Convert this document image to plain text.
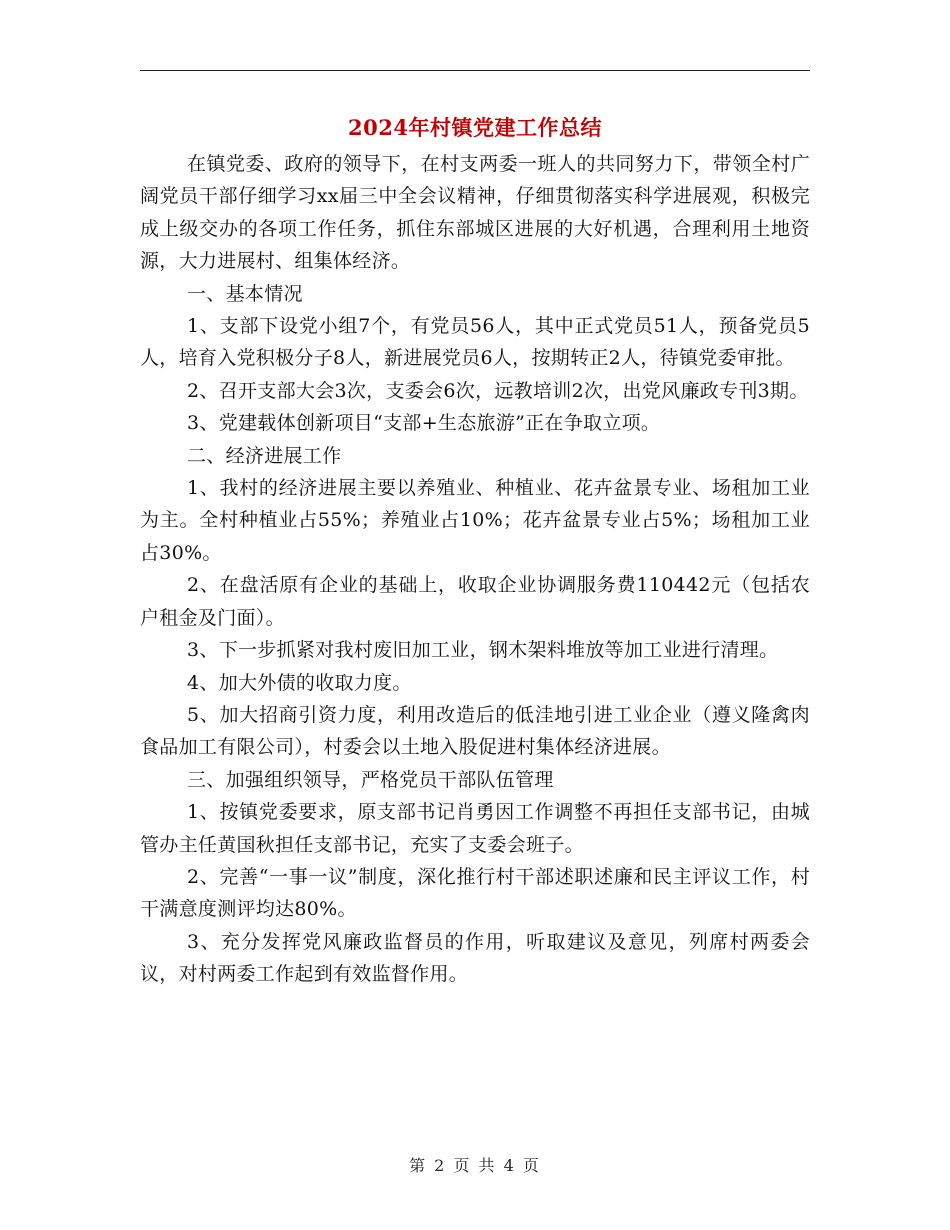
2024年村镇党建工作总结

在镇党委、政府的领导下，在村支两委一班人的共同努力下，带领全村广阔党员干部仔细学习xx届三中全会议精神，仔细贯彻落实科学进展观，积极完成上级交办的各项工作任务，抓住东部城区进展的大好机遇，合理利用土地资源，大力进展村、组集体经济。

一、基本情况

1、支部下设党小组7个，有党员56人，其中正式党员51人，预备党员5人，培育入党积极分子8人，新进展党员6人，按期转正2人，待镇党委审批。

2、召开支部大会3次，支委会6次，远教培训2次，出党风廉政专刊3期。

3、党建载体创新项目“支部+生态旅游”正在争取立项。

二、经济进展工作

1、我村的经济进展主要以养殖业、种植业、花卉盆景专业、场租加工业为主。全村种植业占55%；养殖业占10%；花卉盆景专业占5%；场租加工业占30%。

2、在盘活原有企业的基础上，收取企业协调服务费110442元（包括农户租金及门面）。

3、下一步抓紧对我村废旧加工业，钢木架料堆放等加工业进行清理。

4、加大外债的收取力度。

5、加大招商引资力度，利用改造后的低洼地引进工业企业（遵义隆禽肉食品加工有限公司），村委会以土地入股促进村集体经济进展。

三、加强组织领导，严格党员干部队伍管理

1、按镇党委要求，原支部书记肖勇因工作调整不再担任支部书记，由城管办主任黄国秋担任支部书记，充实了支委会班子。

2、完善“一事一议”制度，深化推行村干部述职述廉和民主评议工作，村干满意度测评均达80%。

3、充分发挥党风廉政监督员的作用，听取建议及意见，列席村两委会议，对村两委工作起到有效监督作用。

第 2 页 共 4 页
